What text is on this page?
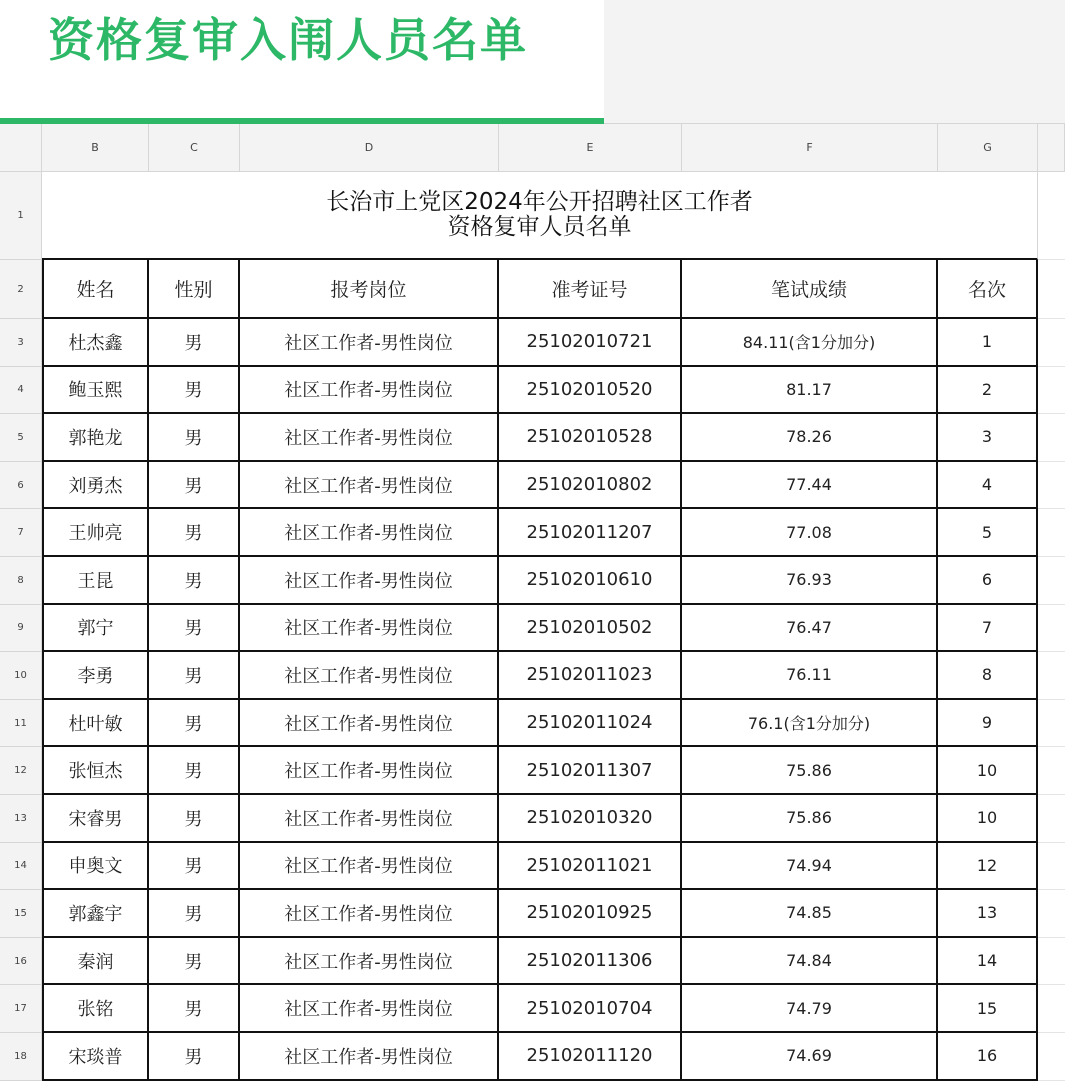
资格复审入闱人员名单
B	C	D	E	F	G
1
长治市上党区2024年公开招聘社区工作者
资格复审人员名单
2	姓名	性别	报考岗位	准考证号	笔试成绩	名次
3	杜杰鑫	男	社区工作者-男性岗位	25102010721	84.11(含1分加分)	1
4	鲍玉熙	男	社区工作者-男性岗位	25102010520	81.17	2
5	郭艳龙	男	社区工作者-男性岗位	25102010528	78.26	3
6	刘勇杰	男	社区工作者-男性岗位	25102010802	77.44	4
7	王帅亮	男	社区工作者-男性岗位	25102011207	77.08	5
8	王昆	男	社区工作者-男性岗位	25102010610	76.93	6
9	郭宁	男	社区工作者-男性岗位	25102010502	76.47	7
10	李勇	男	社区工作者-男性岗位	25102011023	76.11	8
11	杜叶敏	男	社区工作者-男性岗位	25102011024	76.1(含1分加分)	9
12	张恒杰	男	社区工作者-男性岗位	25102011307	75.86	10
13	宋睿男	男	社区工作者-男性岗位	25102010320	75.86	10
14	申奥文	男	社区工作者-男性岗位	25102011021	74.94	12
15	郭鑫宇	男	社区工作者-男性岗位	25102010925	74.85	13
16	秦润	男	社区工作者-男性岗位	25102011306	74.84	14
17	张铭	男	社区工作者-男性岗位	25102010704	74.79	15
18	宋琰普	男	社区工作者-男性岗位	25102011120	74.69	16
